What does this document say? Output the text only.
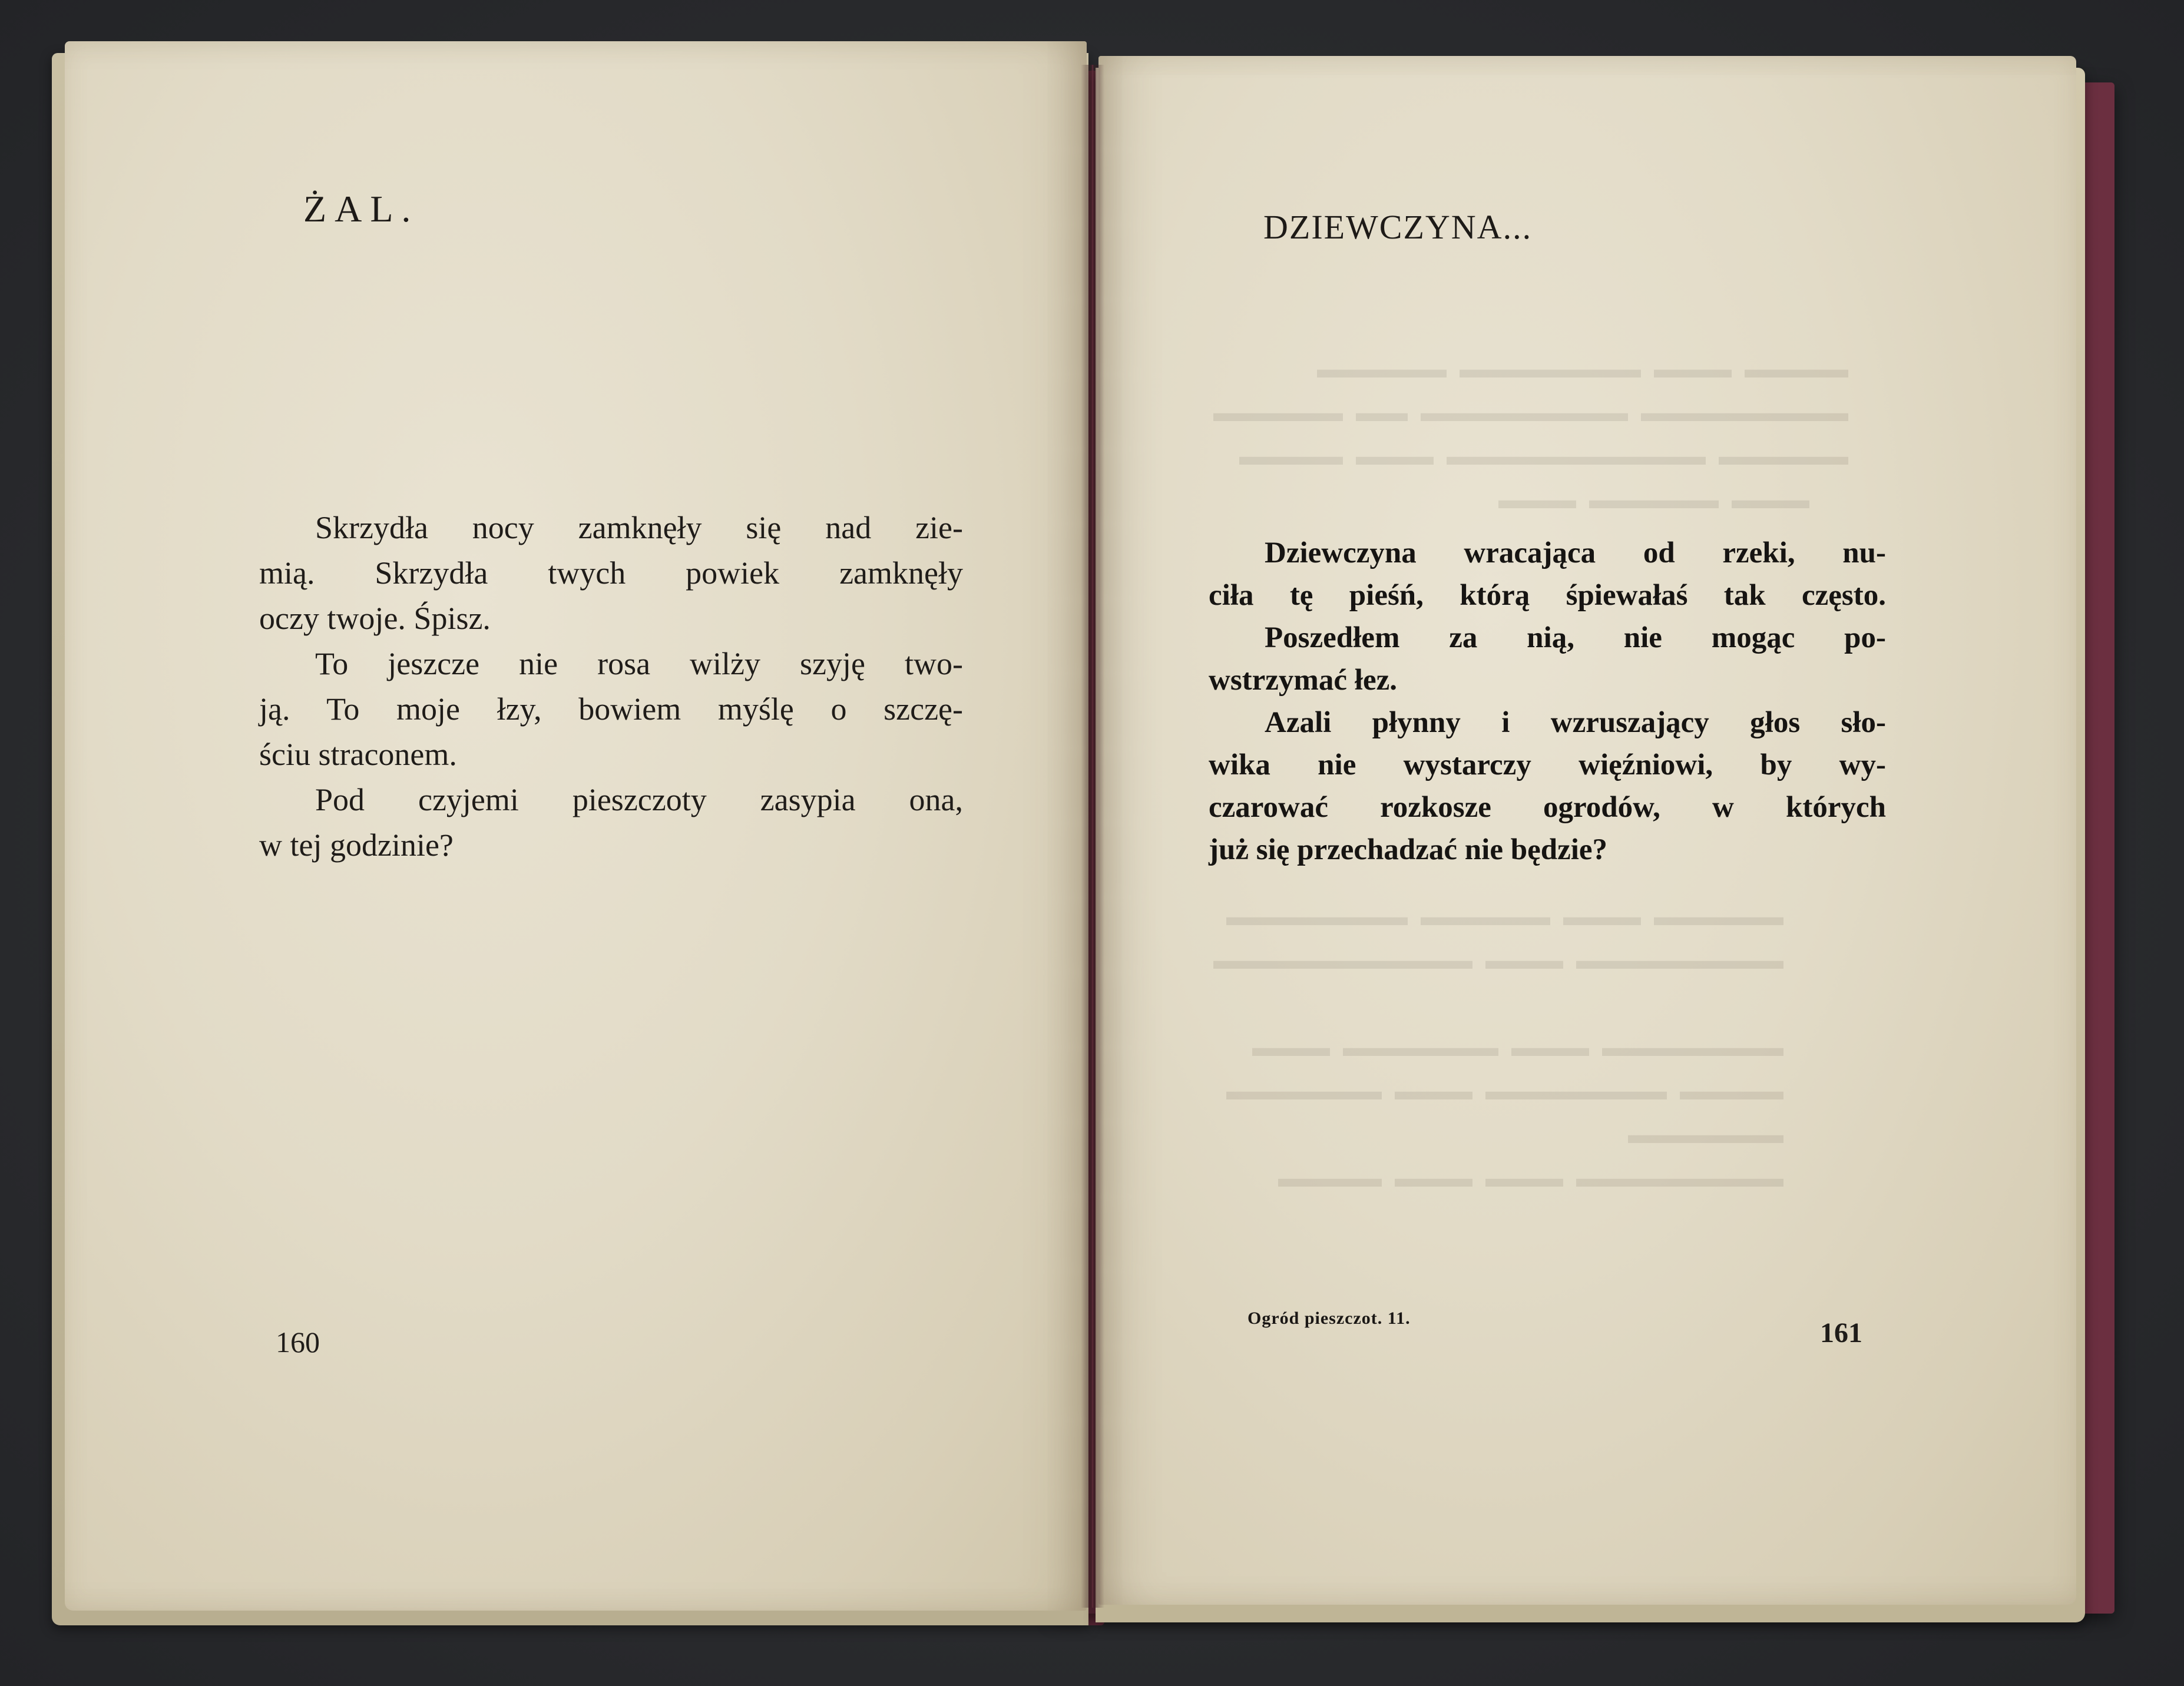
▬▬▬▬  ▬▬▬  ▬▬▬▬▬▬▬  ▬▬▬▬▬
▬▬▬▬▬▬▬▬  ▬▬▬▬▬▬▬▬  ▬▬  ▬▬▬▬▬
▬▬▬▬▬  ▬▬▬▬▬▬▬▬▬▬  ▬▬▬  ▬▬▬▬
▬▬▬  ▬▬▬▬▬  ▬▬▬
▬▬▬▬▬  ▬▬▬  ▬▬▬▬▬  ▬▬▬▬▬▬▬
▬▬▬▬▬▬▬▬  ▬▬▬  ▬▬▬▬▬▬▬▬▬▬

▬▬▬▬▬▬▬  ▬▬▬  ▬▬▬▬▬▬  ▬▬▬
▬▬▬▬  ▬▬▬▬▬▬▬  ▬▬▬  ▬▬▬▬▬▬
▬▬▬▬▬▬
▬▬▬▬▬▬▬▬  ▬▬▬  ▬▬▬  ▬▬▬▬
ŻAL.
Skrzydła nocy zamknęły się nad zie-
mią. Skrzydła twych powiek zamknęły
oczy twoje. Śpisz.
To jeszcze nie rosa wilży szyję two-
ją. To moje łzy, bowiem myślę o szczę-
ściu straconem.
Pod czyjemi pieszczoty zasypia ona,
w tej godzinie?
160
DZIEWCZYNA...
Dziewczyna wracająca od rzeki, nu-
ciła tę pieśń, którą śpiewałaś tak często.
Poszedłem za nią, nie mogąc po-
wstrzymać łez.
Azali płynny i wzruszający głos sło-
wika nie wystarczy więźniowi, by wy-
czarować rozkosze ogrodów, w których
już się przechadzać nie będzie?
Ogród pieszczot. 11.	161
